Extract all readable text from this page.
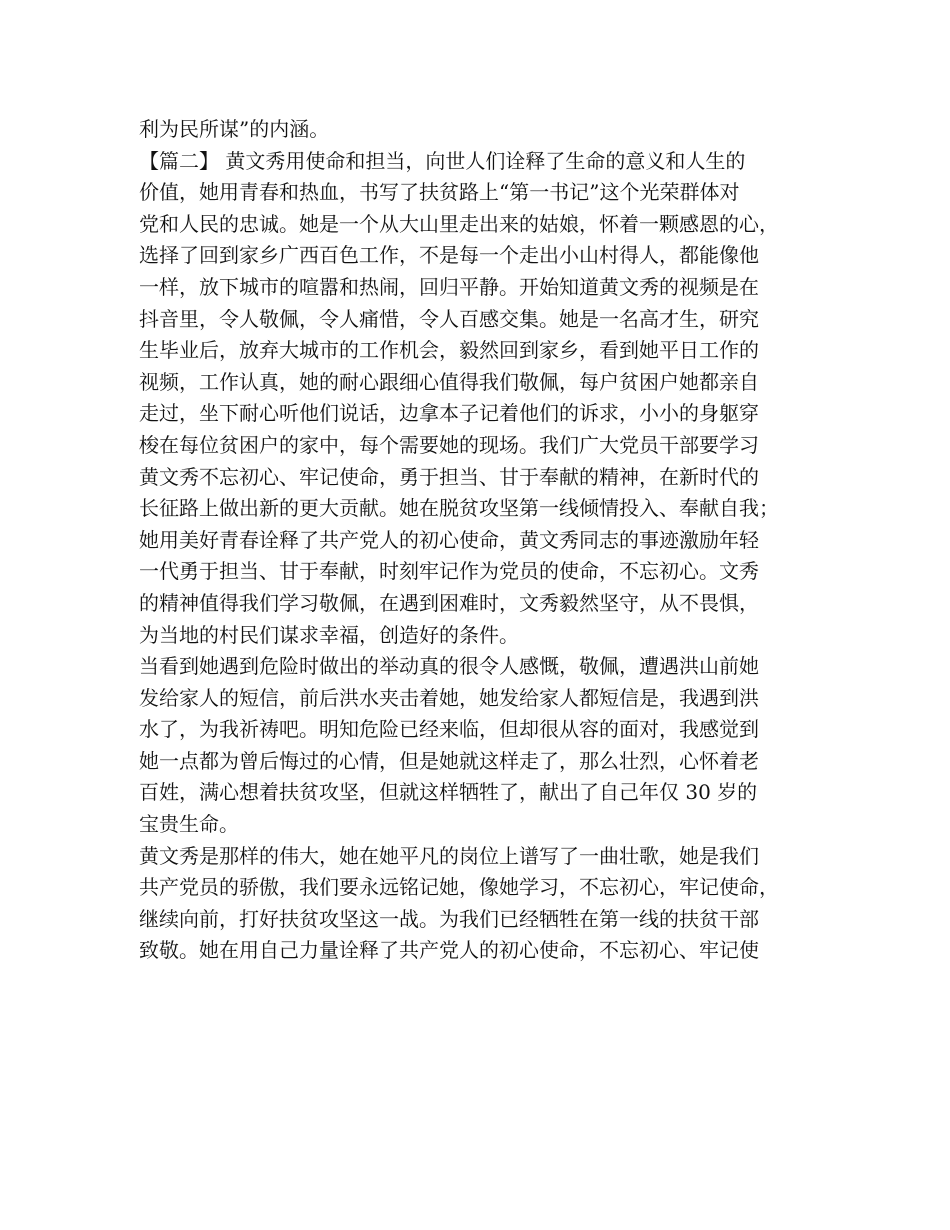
利为民所谋”的内涵。
【篇二】 黄文秀用使命和担当，向世人们诠释了生命的意义和人生的
价值，她用青春和热血，书写了扶贫路上“第一书记”这个光荣群体对
党和人民的忠诚。她是一个从大山里走出来的姑娘，怀着一颗感恩的心，
选择了回到家乡广西百色工作，不是每一个走出小山村得人，都能像他
一样，放下城市的喧嚣和热闹，回归平静。开始知道黄文秀的视频是在
抖音里，令人敬佩，令人痛惜，令人百感交集。她是一名高才生，研究
生毕业后，放弃大城市的工作机会，毅然回到家乡，看到她平日工作的
视频，工作认真，她的耐心跟细心值得我们敬佩，每户贫困户她都亲自
走过，坐下耐心听他们说话，边拿本子记着他们的诉求，小小的身躯穿
梭在每位贫困户的家中，每个需要她的现场。我们广大党员干部要学习
黄文秀不忘初心、牢记使命，勇于担当、甘于奉献的精神，在新时代的
长征路上做出新的更大贡献。她在脱贫攻坚第一线倾情投入、奉献自我；
她用美好青春诠释了共产党人的初心使命，黄文秀同志的事迹激励年轻
一代勇于担当、甘于奉献，时刻牢记作为党员的使命，不忘初心。文秀
的精神值得我们学习敬佩，在遇到困难时，文秀毅然坚守，从不畏惧，
为当地的村民们谋求幸福，创造好的条件。
当看到她遇到危险时做出的举动真的很令人感慨，敬佩，遭遇洪山前她
发给家人的短信，前后洪水夹击着她，她发给家人都短信是，我遇到洪
水了，为我祈祷吧。明知危险已经来临，但却很从容的面对，我感觉到
她一点都为曾后悔过的心情，但是她就这样走了，那么壮烈，心怀着老
百姓，满心想着扶贫攻坚，但就这样牺牲了，献出了自己年仅 30 岁的
宝贵生命。
黄文秀是那样的伟大，她在她平凡的岗位上谱写了一曲壮歌，她是我们
共产党员的骄傲，我们要永远铭记她，像她学习，不忘初心，牢记使命，
继续向前，打好扶贫攻坚这一战。为我们已经牺牲在第一线的扶贫干部
致敬。她在用自己力量诠释了共产党人的初心使命，不忘初心、牢记使
